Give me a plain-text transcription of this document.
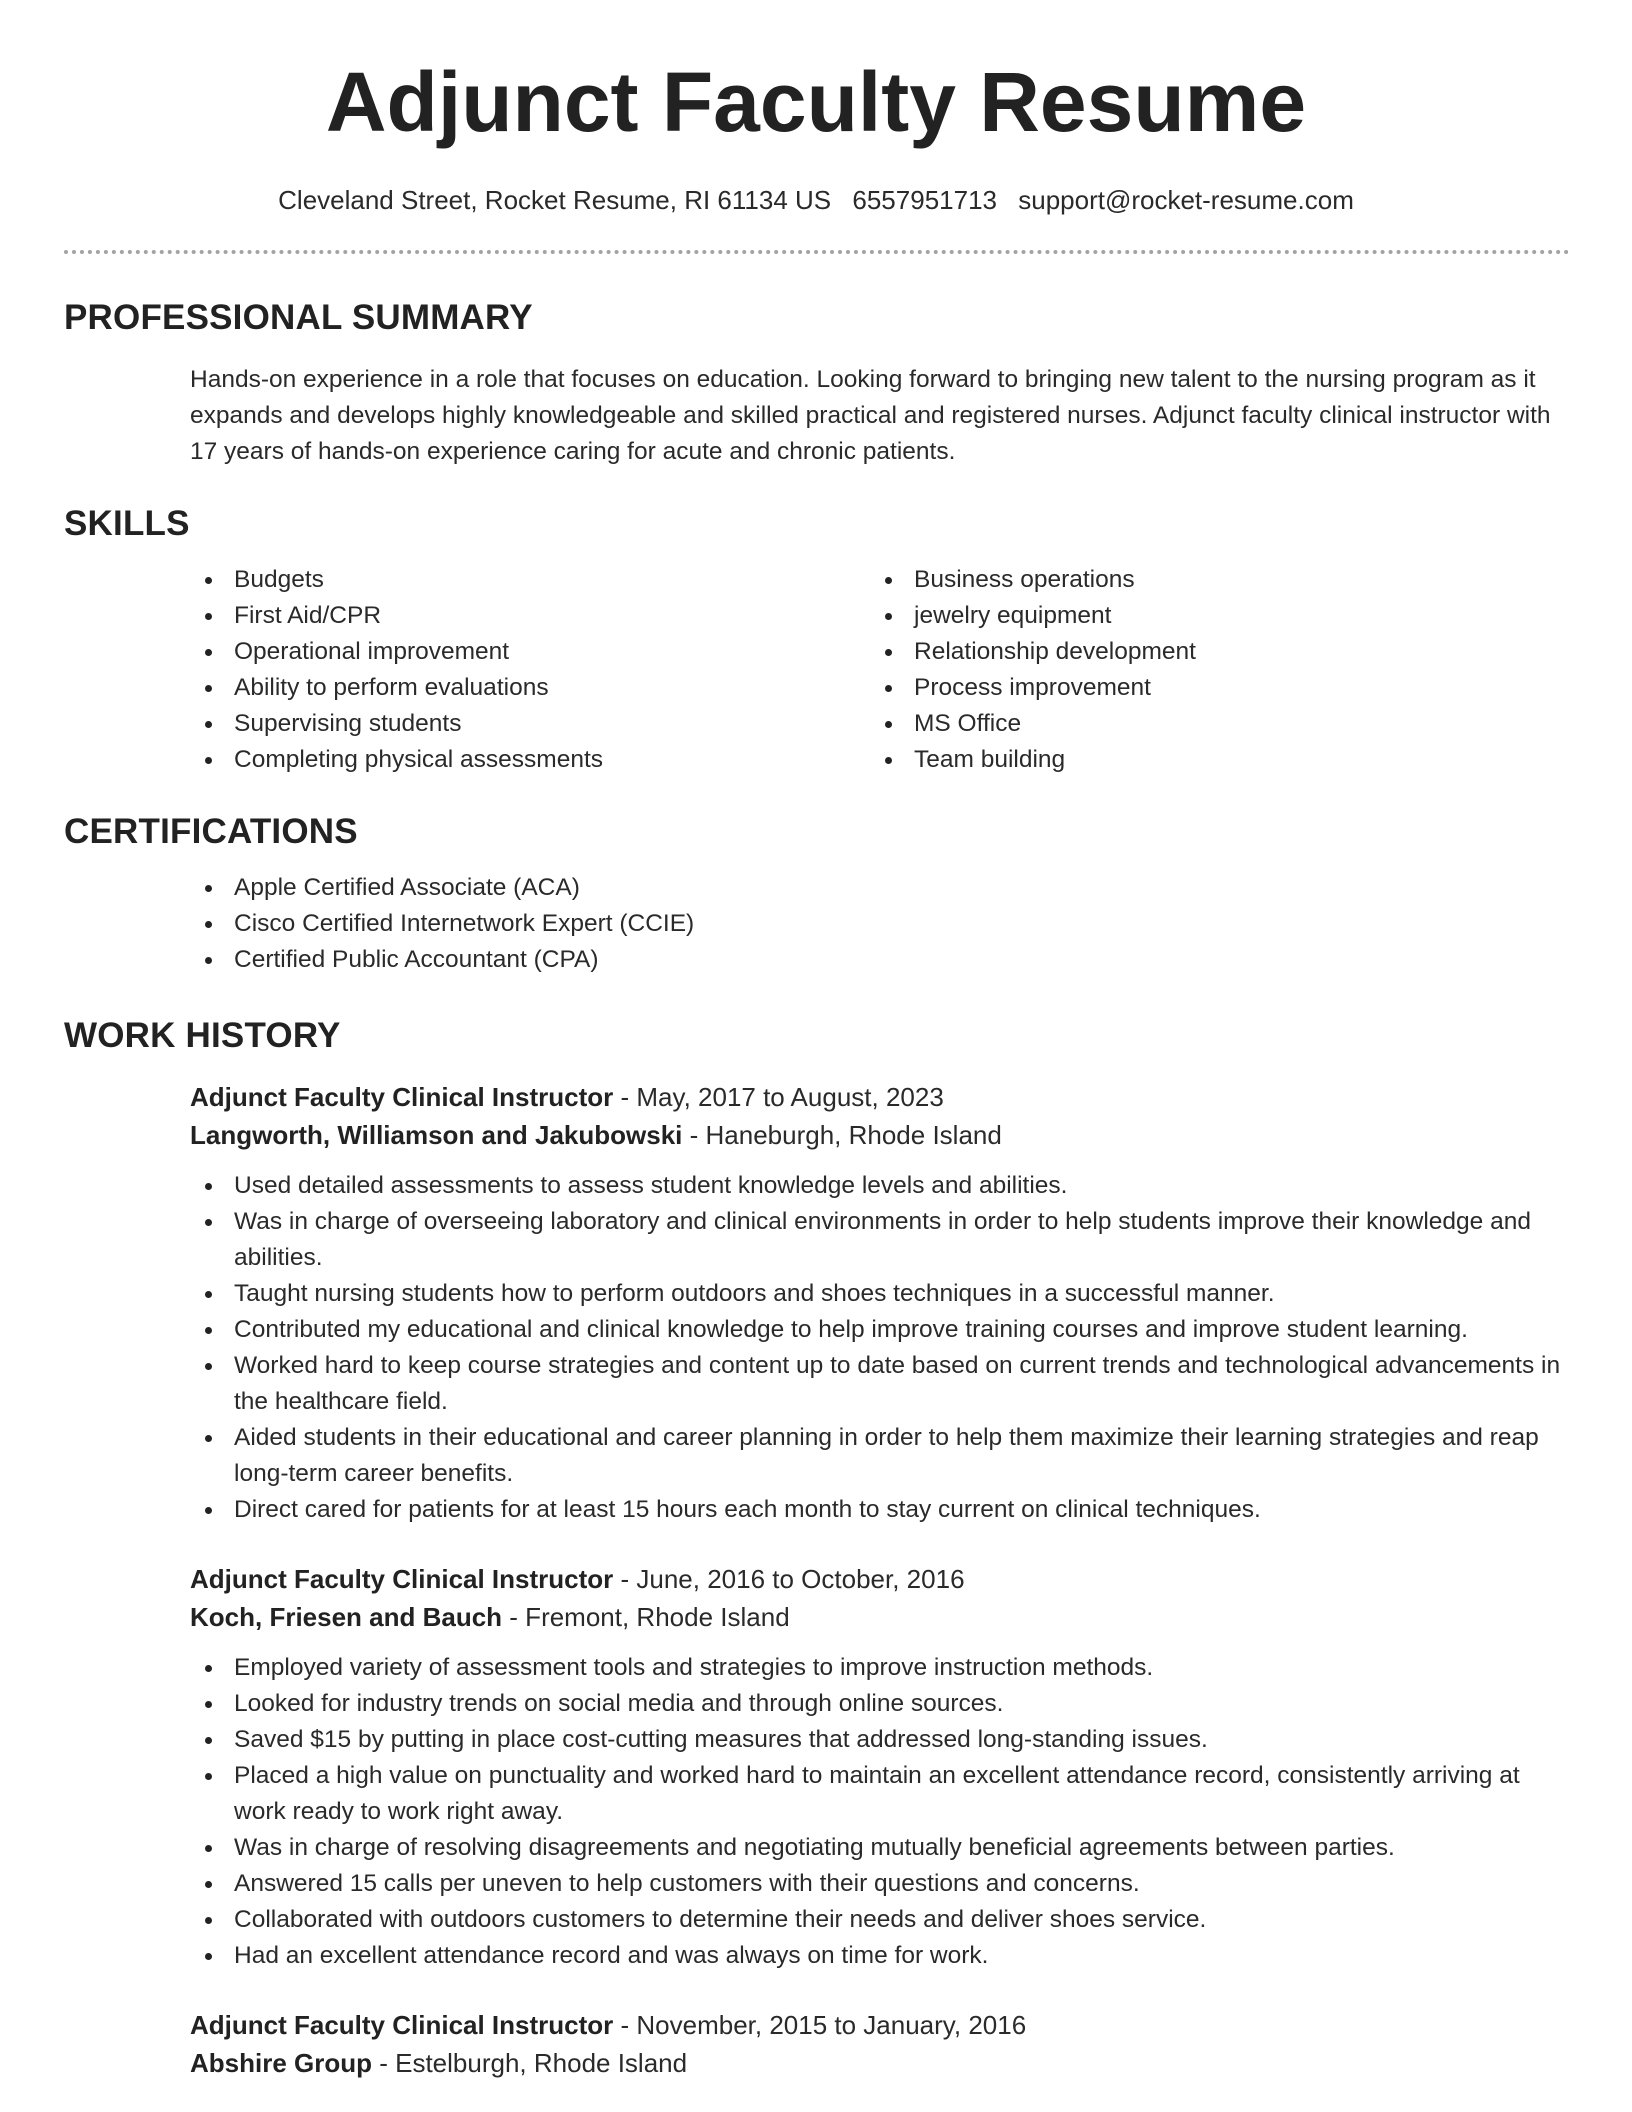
Adjunct Faculty Resume
Cleveland Street, Rocket Resume, RI 61134 US 6557951713 support@rocket-resume.com
PROFESSIONAL SUMMARY

Hands-on experience in a role that focuses on education. Looking forward to bringing new talent to the nursing program as it expands and develops highly knowledgeable and skilled practical and registered nurses. Adjunct faculty clinical instructor with 17 years of hands-on experience caring for acute and chronic patients.

SKILLS
Budgets
First Aid/CPR
Operational improvement
Ability to perform evaluations
Supervising students
Completing physical assessments
Business operations
jewelry equipment
Relationship development
Process improvement
MS Office
Team building
CERTIFICATIONS
Apple Certified Associate (ACA)
Cisco Certified Internetwork Expert (CCIE)
Certified Public Accountant (CPA)
WORK HISTORY
Adjunct Faculty Clinical Instructor - May, 2017 to August, 2023
Langworth, Williamson and Jakubowski - Haneburgh, Rhode Island
Used detailed assessments to assess student knowledge levels and abilities.
Was in charge of overseeing laboratory and clinical environments in order to help students improve their knowledge and abilities.
Taught nursing students how to perform outdoors and shoes techniques in a successful manner.
Contributed my educational and clinical knowledge to help improve training courses and improve student learning.
Worked hard to keep course strategies and content up to date based on current trends and technological advancements in the healthcare field.
Aided students in their educational and career planning in order to help them maximize their learning strategies and reap long-term career benefits.
Direct cared for patients for at least 15 hours each month to stay current on clinical techniques.
Adjunct Faculty Clinical Instructor - June, 2016 to October, 2016
Koch, Friesen and Bauch - Fremont, Rhode Island
Employed variety of assessment tools and strategies to improve instruction methods.
Looked for industry trends on social media and through online sources.
Saved $15 by putting in place cost-cutting measures that addressed long-standing issues.
Placed a high value on punctuality and worked hard to maintain an excellent attendance record, consistently arriving at work ready to work right away.
Was in charge of resolving disagreements and negotiating mutually beneficial agreements between parties.
Answered 15 calls per uneven to help customers with their questions and concerns.
Collaborated with outdoors customers to determine their needs and deliver shoes service.
Had an excellent attendance record and was always on time for work.
Adjunct Faculty Clinical Instructor - November, 2015 to January, 2016
Abshire Group - Estelburgh, Rhode Island
